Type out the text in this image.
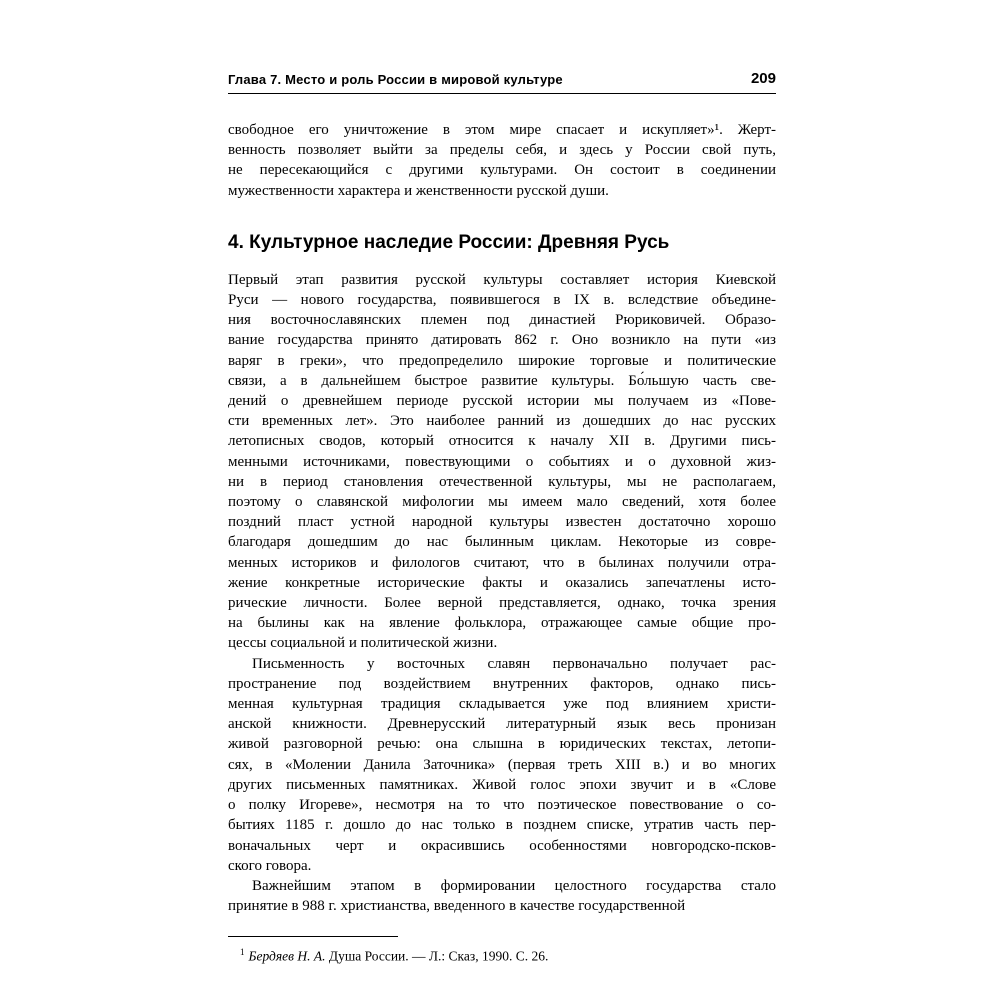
Глава 7. Место и роль России в мировой культуре	209
свободное его уничтожение в этом мире спасает и искупляет»¹. Жерт-
венность позволяет выйти за пределы себя, и здесь у России свой путь,
не пересекающийся с другими культурами. Он состоит в соединении
мужественности характера и женственности русской души.
4. Культурное наследие России: Древняя Русь
Первый этап развития русской культуры составляет история Киевской
Руси — нового государства, появившегося в IX в. вследствие объедине-
ния восточнославянских племен под династией Рюриковичей. Образо-
вание государства принято датировать 862 г. Оно возникло на пути «из
варяг в греки», что предопределило широкие торговые и политические
связи, а в дальнейшем быстрое развитие культуры. Бо́льшую часть све-
дений о древнейшем периоде русской истории мы получаем из «Пове-
сти временных лет». Это наиболее ранний из дошедших до нас русских
летописных сводов, который относится к началу XII в. Другими пись-
менными источниками, повествующими о событиях и о духовной жиз-
ни в период становления отечественной культуры, мы не располагаем,
поэтому о славянской мифологии мы имеем мало сведений, хотя более
поздний пласт устной народной культуры известен достаточно хорошо
благодаря дошедшим до нас былинным циклам. Некоторые из совре-
менных историков и филологов считают, что в былинах получили отра-
жение конкретные исторические факты и оказались запечатлены исто-
рические личности. Более верной представляется, однако, точка зрения
на былины как на явление фольклора, отражающее самые общие про-
цессы социальной и политической жизни.
Письменность у восточных славян первоначально получает рас-
пространение под воздействием внутренних факторов, однако пись-
менная культурная традиция складывается уже под влиянием христи-
анской книжности. Древнерусский литературный язык весь пронизан
живой разговорной речью: она слышна в юридических текстах, летопи-
сях, в «Молении Данила Заточника» (первая треть XIII в.) и во многих
других письменных памятниках. Живой голос эпохи звучит и в «Слове
о полку Игореве», несмотря на то что поэтическое повествование о со-
бытиях 1185 г. дошло до нас только в позднем списке, утратив часть пер-
воначальных черт и окрасившись особенностями новгородско-псков-
ского говора.
Важнейшим этапом в формировании целостного государства стало
принятие в 988 г. христианства, введенного в качестве государственной

$^1$ Бердяев Н. А. Душа России. — Л.: Сказ, 1990. С. 26.
